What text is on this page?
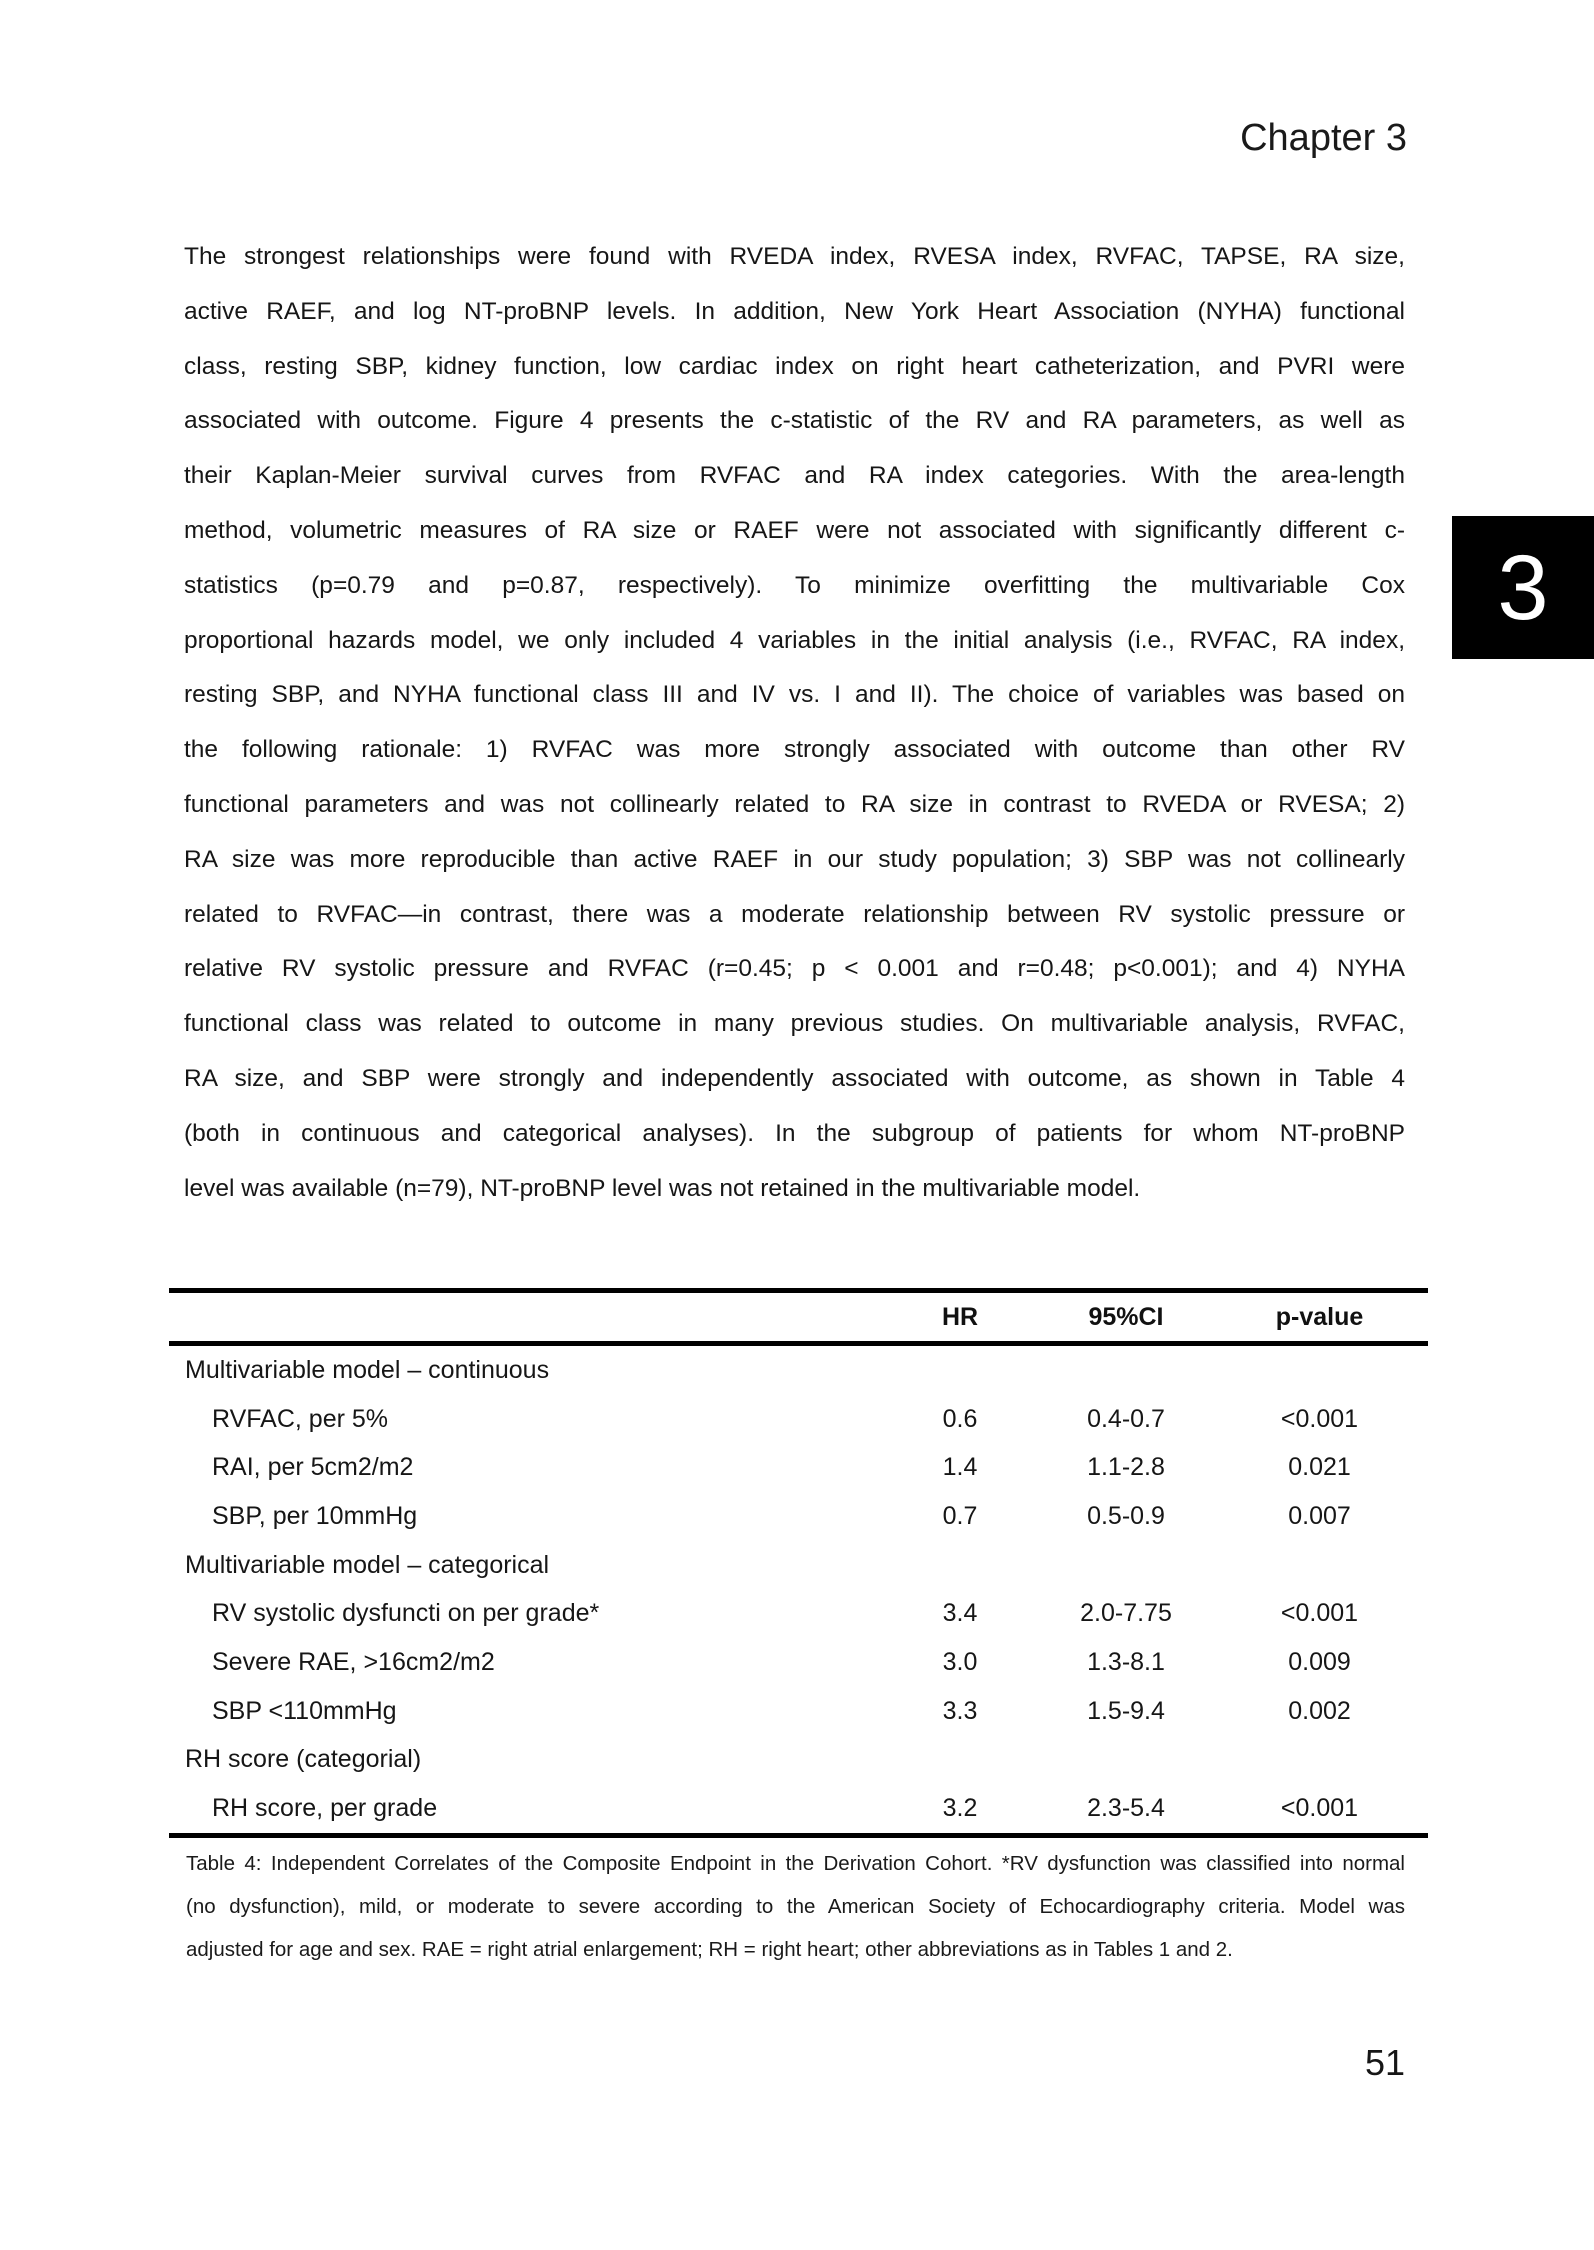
Chapter 3
The strongest relationships were found with RVEDA index, RVESA index, RVFAC, TAPSE, RA size,
active RAEF, and log NT-proBNP levels. In addition, New York Heart Association (NYHA) functional
class, resting SBP, kidney function, low cardiac index on right heart catheterization, and PVRI were
associated with outcome. Figure 4 presents the c-statistic of the RV and RA parameters, as well as
their Kaplan-Meier survival curves from RVFAC and RA index categories. With the area-length
method, volumetric measures of RA size or RAEF were not associated with significantly different c-
statistics (p=0.79 and p=0.87, respectively). To minimize overfitting the multivariable Cox
proportional hazards model, we only included 4 variables in the initial analysis (i.e., RVFAC, RA index,
resting SBP, and NYHA functional class III and IV vs. I and II). The choice of variables was based on
the following rationale: 1) RVFAC was more strongly associated with outcome than other RV
functional parameters and was not collinearly related to RA size in contrast to RVEDA or RVESA; 2)
RA size was more reproducible than active RAEF in our study population; 3) SBP was not collinearly
related to RVFAC—in contrast, there was a moderate relationship between RV systolic pressure or
relative RV systolic pressure and RVFAC (r=0.45; p < 0.001 and r=0.48; p<0.001); and 4) NYHA
functional class was related to outcome in many previous studies. On multivariable analysis, RVFAC,
RA size, and SBP were strongly and independently associated with outcome, as shown in Table 4
(both in continuous and categorical analyses). In the subgroup of patients for whom NT-proBNP
level was available (n=79), NT-proBNP level was not retained in the multivariable model.
3
HR	95%CI	p-value
Multivariable model – continuous
RVFAC, per 5%	0.6	0.4-0.7	<0.001
RAI, per 5cm2/m2	1.4	1.1-2.8	0.021
SBP, per 10mmHg	0.7	0.5-0.9	0.007
Multivariable model – categorical
RV systolic dysfuncti on per grade*	3.4	2.0-7.75	<0.001
Severe RAE, >16cm2/m2	3.0	1.3-8.1	0.009
SBP <110mmHg	3.3	1.5-9.4	0.002
RH score (categorial)
RH score, per grade	3.2	2.3-5.4	<0.001
Table 4: Independent Correlates of the Composite Endpoint in the Derivation Cohort. *RV dysfunction was classified into normal
(no dysfunction), mild, or moderate to severe according to the American Society of Echocardiography criteria. Model was
adjusted for age and sex. RAE = right atrial enlargement; RH = right heart; other abbreviations as in Tables 1 and 2.
51
